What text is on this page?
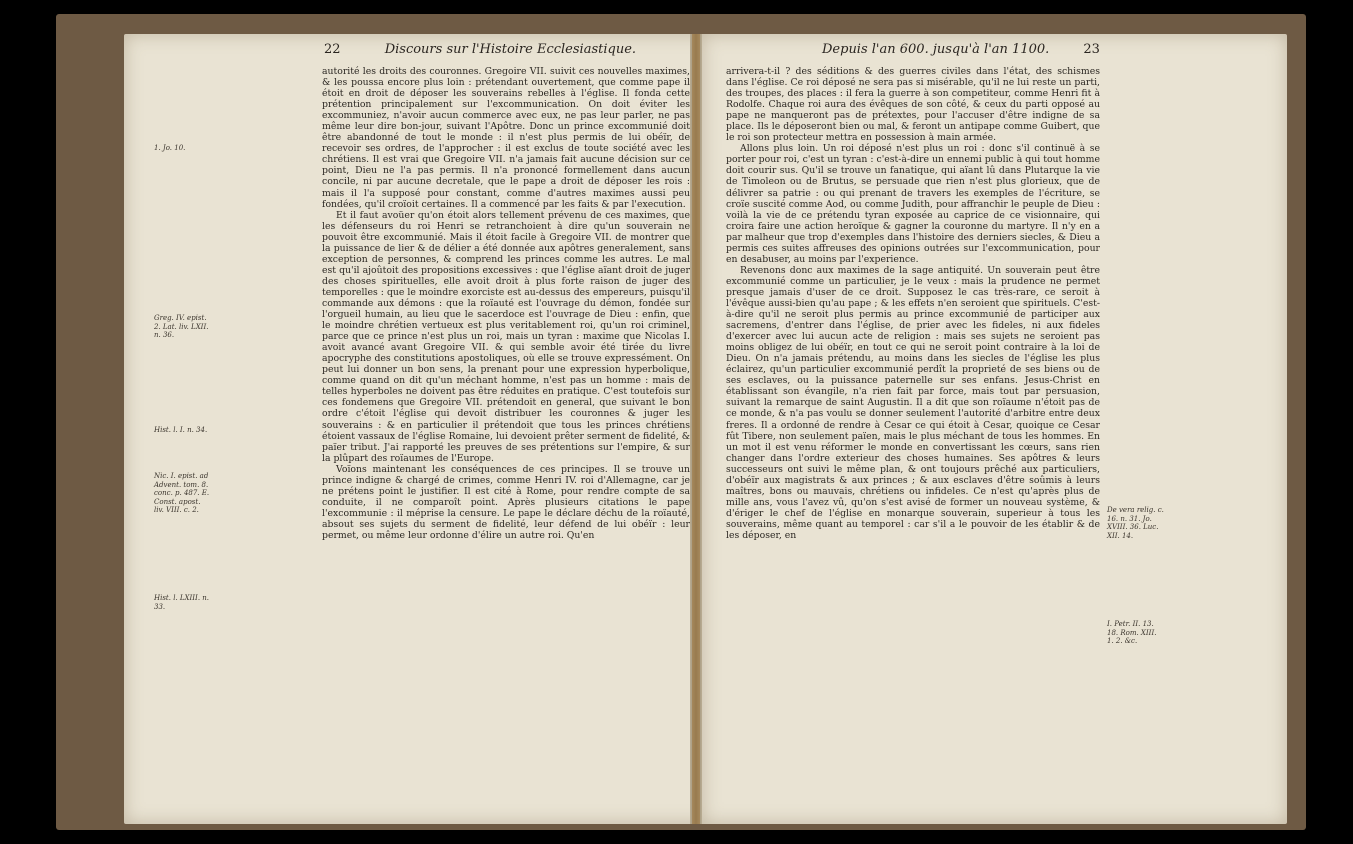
22	Discours sur l'Histoire Ecclesiastique.
1. Jo. 10.
Greg. IV. epist. 2. Lat. liv. LXII. n. 36.
Hist. l. I. n. 34.
Nic. I. epist. ad Advent. tom. 8. conc. p. 487. E. Const. apost. liv. VIII. c. 2.
Hist. l. LXIII. n. 33.

autorité les droits des couronnes. Gregoire VII. suivit ces nouvelles maximes, & les poussa encore plus loin : prétendant ouvertement, que comme pape il étoit en droit de déposer les souverains rebelles à l'église. Il fonda cette prétention principalement sur l'excommunication. On doit éviter les excommuniez, n'avoir aucun commerce avec eux, ne pas leur parler, ne pas même leur dire bon-jour, suivant l'Apôtre. Donc un prince excommunié doit être abandonné de tout le monde : il n'est plus permis de lui obéïr, de recevoir ses ordres, de l'approcher : il est exclus de toute société avec les chrétiens. Il est vrai que Gregoire VII. n'a jamais fait aucune décision sur ce point, Dieu ne l'a pas permis. Il n'a prononcé formellement dans aucun concile, ni par aucune decretale, que le pape a droit de déposer les rois : mais il l'a supposé pour constant, comme d'autres maximes aussi peu fondées, qu'il croïoit certaines. Il a commencé par les faits & par l'execution.

Et il faut avoüer qu'on étoit alors tellement prévenu de ces maximes, que les défenseurs du roi Henri se retranchoient à dire qu'un souverain ne pouvoit être excommunié. Mais il étoit facile à Gregoire VII. de montrer que la puissance de lier & de délier a été donnée aux apôtres generalement, sans exception de personnes, & comprend les princes comme les autres. Le mal est qu'il ajoûtoit des propositions excessives : que l'église aïant droit de juger des choses spirituelles, elle avoit droit à plus forte raison de juger des temporelles : que le moindre exorciste est au-dessus des empereurs, puisqu'il commande aux démons : que la roïauté est l'ouvrage du démon, fondée sur l'orgueil humain, au lieu que le sacerdoce est l'ouvrage de Dieu : enfin, que le moindre chrétien vertueux est plus veritablement roi, qu'un roi criminel, parce que ce prince n'est plus un roi, mais un tyran : maxime que Nicolas I. avoit avancé avant Gregoire VII. & qui semble avoir été tirée du livre apocryphe des constitutions apostoliques, où elle se trouve expressément. On peut lui donner un bon sens, la prenant pour une expression hyperbolique, comme quand on dit qu'un méchant homme, n'est pas un homme : mais de telles hyperboles ne doivent pas être réduites en pratique. C'est toutefois sur ces fondemens que Gregoire VII. prétendoit en general, que suivant le bon ordre c'étoit l'église qui devoit distribuer les couronnes & juger les souverains : & en particulier il prétendoit que tous les princes chrétiens étoient vassaux de l'église Romaine, lui devoient prêter serment de fidelité, & païer tribut. J'ai rapporté les preuves de ses prétentions sur l'empire, & sur la plûpart des roïaumes de l'Europe.

Voïons maintenant les conséquences de ces principes. Il se trouve un prince indigne & chargé de crimes, comme Henri IV. roi d'Allemagne, car je ne prétens point le justifier. Il est cité à Rome, pour rendre compte de sa conduite, il ne comparoît point. Après plusieurs citations le pape l'excommunie : il méprise la censure. Le pape le déclare déchu de la roïauté, absout ses sujets du serment de fidelité, leur défend de lui obéïr : leur permet, ou même leur ordonne d'élire un autre roi. Qu'en

Depuis l'an 600. jusqu'à l'an 1100.	23

arrivera-t-il ? des séditions & des guerres civiles dans l'état, des schismes dans l'église. Ce roi déposé ne sera pas si misérable, qu'il ne lui reste un parti, des troupes, des places : il fera la guerre à son competiteur, comme Henri fit à Rodolfe. Chaque roi aura des évêques de son côté, & ceux du parti opposé au pape ne manqueront pas de prétextes, pour l'accuser d'être indigne de sa place. Ils le déposeront bien ou mal, & feront un antipape comme Guibert, que le roi son protecteur mettra en possession à main armée.

Allons plus loin. Un roi déposé n'est plus un roi : donc s'il continuë à se porter pour roi, c'est un tyran : c'est-à-dire un ennemi public à qui tout homme doit courir sus. Qu'il se trouve un fanatique, qui aïant lû dans Plutarque la vie de Timoleon ou de Brutus, se persuade que rien n'est plus glorieux, que de délivrer sa patrie : ou qui prenant de travers les exemples de l'écriture, se croïe suscité comme Aod, ou comme Judith, pour affranchir le peuple de Dieu : voilà la vie de ce prétendu tyran exposée au caprice de ce visionnaire, qui croira faire une action heroïque & gagner la couronne du martyre. Il n'y en a par malheur que trop d'exemples dans l'histoire des derniers siecles, & Dieu a permis ces suites affreuses des opinions outrées sur l'excommunication, pour en desabuser, au moins par l'experience.

Revenons donc aux maximes de la sage antiquité. Un souverain peut être excommunié comme un particulier, je le veux : mais la prudence ne permet presque jamais d'user de ce droit. Supposez le cas très-rare, ce seroit à l'évêque aussi-bien qu'au pape ; & les effets n'en seroient que spirituels. C'est-à-dire qu'il ne seroit plus permis au prince excommunié de participer aux sacremens, d'entrer dans l'église, de prier avec les fideles, ni aux fideles d'exercer avec lui aucun acte de religion : mais ses sujets ne seroient pas moins obligez de lui obéïr, en tout ce qui ne seroit point contraire à la loi de Dieu. On n'a jamais prétendu, au moins dans les siecles de l'église les plus éclairez, qu'un particulier excommunié perdît la proprieté de ses biens ou de ses esclaves, ou la puissance paternelle sur ses enfans. Jesus-Christ en établissant son évangile, n'a rien fait par force, mais tout par persuasion, suivant la remarque de saint Augustin. Il a dit que son roïaume n'étoit pas de ce monde, & n'a pas voulu se donner seulement l'autorité d'arbitre entre deux freres. Il a ordonné de rendre à Cesar ce qui étoit à Cesar, quoique ce Cesar fût Tibere, non seulement païen, mais le plus méchant de tous les hommes. En un mot il est venu réformer le monde en convertissant les cœurs, sans rien changer dans l'ordre exterieur des choses humaines. Ses apôtres & leurs successeurs ont suivi le même plan, & ont toujours prêché aux particuliers, d'obéïr aux magistrats & aux princes ; & aux esclaves d'être soûmis à leurs maîtres, bons ou mauvais, chrétiens ou infideles. Ce n'est qu'après plus de mille ans, vous l'avez vû, qu'on s'est avisé de former un nouveau système, & d'ériger le chef de l'église en monarque souverain, superieur à tous les souverains, même quant au temporel : car s'il a le pouvoir de les établir & de les déposer, en

De vera relig. c. 16. n. 31. Jo. XVIII. 36. Luc. XII. 14.
I. Petr. II. 13. 18. Rom. XIII. 1. 2. &c.
